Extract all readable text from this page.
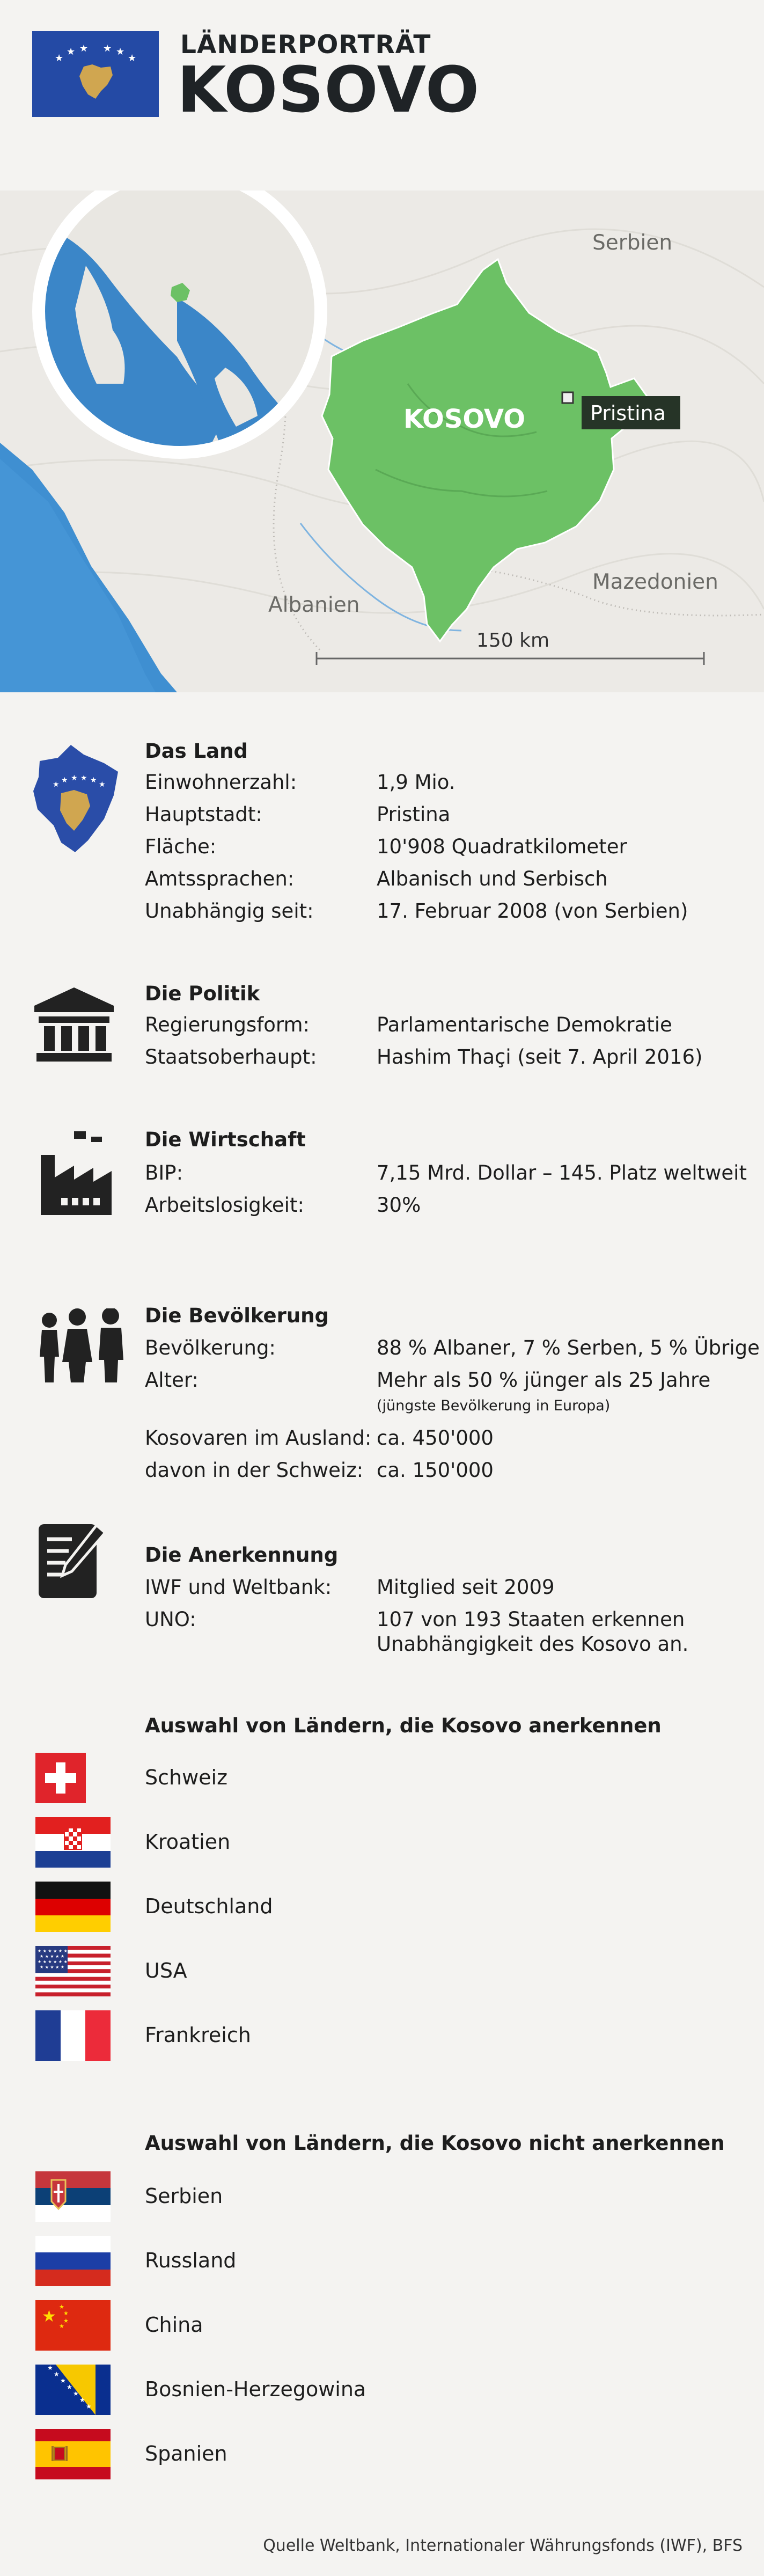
★
★ ★ ★ ★
★ LÄNDERPORTRÄT
KOSOVO
Serbien
Albanien
Mazedonien
KOSOVO	Pristina
150 km
★ ★ ★ ★ ★ ★
Das Land
Einwohnerzahl:	1,9 Mio.
Hauptstadt:	Pristina
Fläche:	10'908 Quadratkilometer
Amtssprachen:	Albanisch und Serbisch
Unabhängig seit:	17. Februar 2008 (von Serbien)
Die Politik
Regierungsform:	Parlamentarische Demokratie
Staatsoberhaupt:	Hashim Thaçi (seit 7. April 2016)
Die Wirtschaft
BIP:	7,15 Mrd. Dollar – 145. Platz weltweit
Arbeitslosigkeit:	30%
Die Bevölkerung
Bevölkerung:	88 % Albaner, 7 % Serben, 5 % Übrige
Alter:	Mehr als 50 % jünger als 25 Jahre
(jüngste Bevölkerung in Europa)
Kosovaren im Ausland: ca. 450'000
davon in der Schweiz: ca. 150'000
Die Anerkennung
IWF und Weltbank: Mitglied seit 2009
UNO:	107 von 193 Staaten erkennen
Unabhängigkeit des Kosovo an.
Auswahl von Ländern, die Kosovo anerkennen
Schweiz
Kroatien
Deutschland
★ ★ ★ ★ ★ ★
★ ★ ★ ★ ★
★ ★ ★ ★ ★ ★
★ ★ ★ ★ ★	USA
Frankreich
Auswahl von Ländern, die Kosovo nicht anerkennen
Serbien
Russland
★
★
★
★
★	China
★
★
★
★
★
★
★
Bosnien-Herzegowina
Spanien
Quelle Weltbank, Internationaler Währungsfonds (IWF), BFS
